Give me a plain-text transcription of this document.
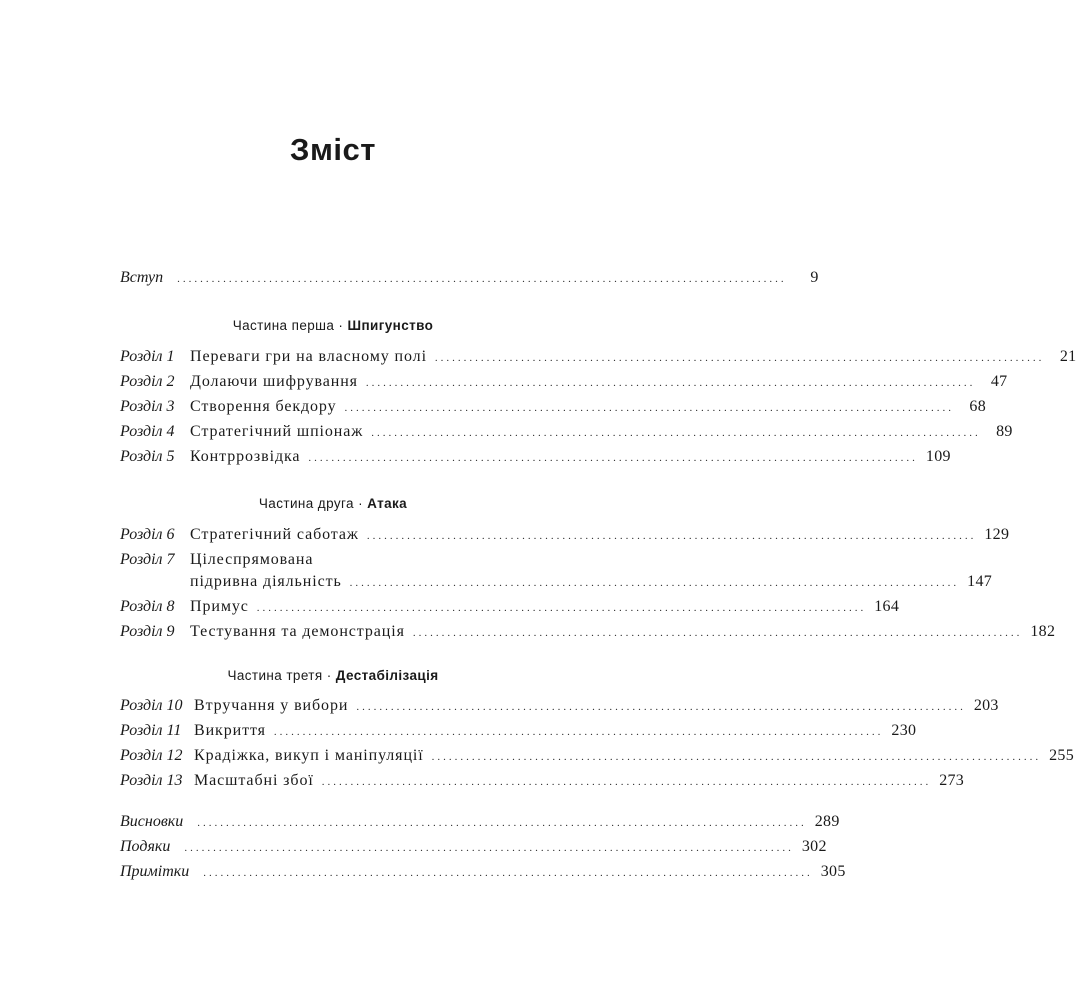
Зміст
Вступ ..........................................................................................................	9
Частина перша · Шпигунство
Розділ 1 Переваги гри на власному полі .......................................................................................................... 21
Розділ 2 Долаючи шифрування .......................................................................................................... 47
Розділ 3 Створення бекдору .......................................................................................................... 68
Розділ 4 Стратегічний шпіонаж .......................................................................................................... 89
Розділ 5 Контррозвідка .......................................................................................................... 109
Частина друга · Атака
Розділ 6 Стратегічний саботаж .......................................................................................................... 129
Розділ 7 Цілеспрямована
підривна діяльність .......................................................................................................... 147
Розділ 8 Примус .......................................................................................................... 164
Розділ 9 Тестування та демонстрація .......................................................................................................... 182
Частина третя · Дестабілізація
Розділ 10 Втручання у вибори .......................................................................................................... 203
Розділ 11 Викриття .......................................................................................................... 230
Розділ 12 Крадіжка, викуп і маніпуляції .......................................................................................................... 255
Розділ 13 Масштабні збої .......................................................................................................... 273
Висновки .......................................................................................................... 289
Подяки .......................................................................................................... 302
Примітки .......................................................................................................... 305
